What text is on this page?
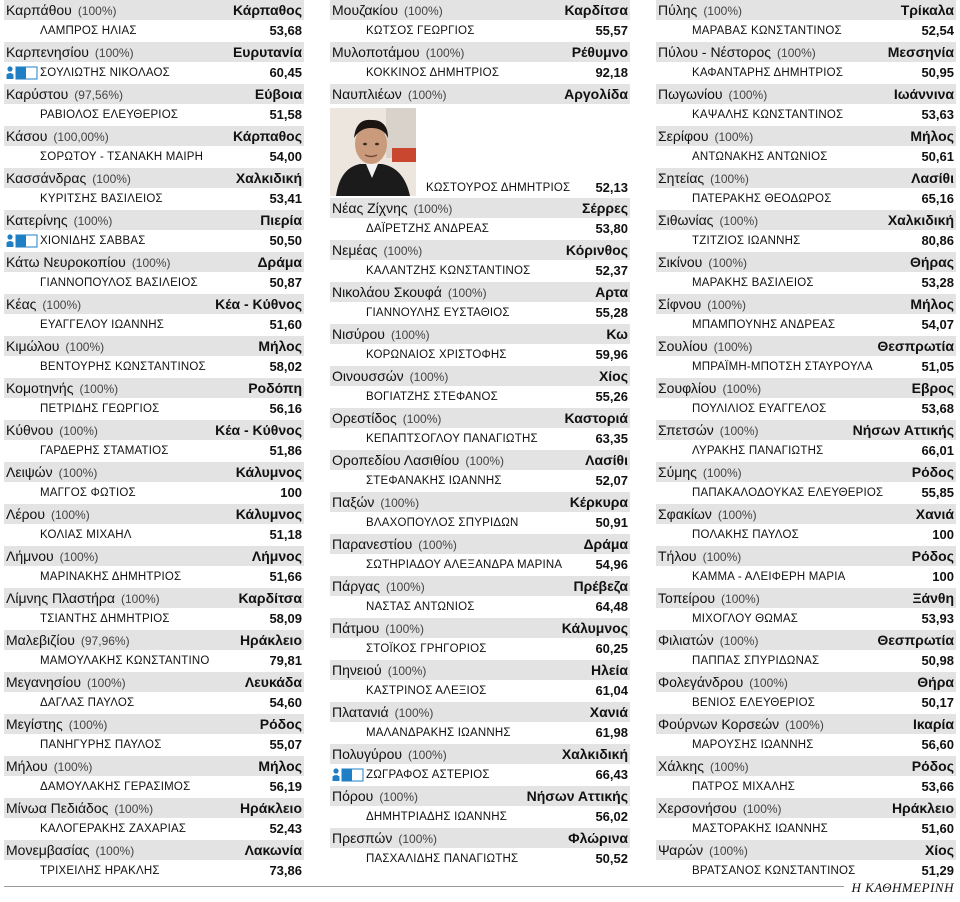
Καρπάθου (100%)	Κάρπαθος
ΛΑΜΠΡΟΣ ΗΛΙΑΣ	53,68
Καρπενησίου (100%)	Ευρυτανία
ΣΟΥΛΙΩΤΗΣ ΝΙΚΟΛΑΟΣ	60,45
Καρύστου (97,56%)	Εύβοια
ΡΑΒΙΟΛΟΣ ΕΛΕΥΘΕΡΙΟΣ	51,58
Κάσου (100,00%)	Κάρπαθος
ΣΟΡΩΤΟΥ - ΤΣΑΝΑΚΗ ΜΑΙΡΗ	54,00
Κασσάνδρας (100%)	Χαλκιδική
ΚΥΡΙΤΣΗΣ ΒΑΣΙΛΕΙΟΣ	53,41
Κατερίνης (100%)	Πιερία
ΧΙΟΝΙΔΗΣ ΣΑΒΒΑΣ	50,50
Κάτω Νευροκοπίου (100%)	Δράμα
ΓΙΑΝΝΟΠΟΥΛΟΣ ΒΑΣΙΛΕΙΟΣ	50,87
Κέας (100%)	Κέα - Κύθνος
ΕΥΑΓΓΕΛΟΥ ΙΩΑΝΝΗΣ	51,60
Κιμώλου (100%)	Μήλος
ΒΕΝΤΟΥΡΗΣ ΚΩΝΣΤΑΝΤΙΝΟΣ	58,02
Κομοτηνής (100%)	Ροδόπη
ΠΕΤΡΙΔΗΣ ΓΕΩΡΓΙΟΣ	56,16
Κύθνου (100%)	Κέα - Κύθνος
ΓΑΡΔΕΡΗΣ ΣΤΑΜΑΤΙΟΣ	51,86
Λειψών (100%)	Κάλυμνος
ΜΑΓΓΟΣ ΦΩΤΙΟΣ	100
Λέρου (100%)	Κάλυμνος
ΚΟΛΙΑΣ ΜΙΧΑΗΛ	51,18
Λήμνου (100%)	Λήμνος
ΜΑΡΙΝΑΚΗΣ ΔΗΜΗΤΡΙΟΣ	51,66
Λίμνης Πλαστήρα (100%)	Καρδίτσα
ΤΣΙΑΝΤΗΣ ΔΗΜΗΤΡΙΟΣ	58,09
Μαλεβιζίου (97,96%)	Ηράκλειο
ΜΑΜΟΥΛΑΚΗΣ ΚΩΝΣΤΑΝΤΙΝΟ	79,81
Μεγανησίου (100%)	Λευκάδα
ΔΑΓΛΑΣ ΠΑΥΛΟΣ	54,60
Μεγίστης (100%)	Ρόδος
ΠΑΝΗΓΥΡΗΣ ΠΑΥΛΟΣ	55,07
Μήλου (100%)	Μήλος
ΔΑΜΟΥΛΑΚΗΣ ΓΕΡΑΣΙΜΟΣ	56,19
Μίνωα Πεδιάδος (100%)	Ηράκλειο
ΚΑΛΟΓΕΡΑΚΗΣ ΖΑΧΑΡΙΑΣ	52,43
Μονεμβασίας (100%)	Λακωνία
ΤΡΙΧΕΙΛΗΣ ΗΡΑΚΛΗΣ	73,86
Μουζακίου (100%)	Καρδίτσα
ΚΩΤΣΟΣ ΓΕΩΡΓΙΟΣ	55,57
Μυλοποτάμου (100%)	Ρέθυμνο
ΚΟΚΚΙΝΟΣ ΔΗΜΗΤΡΙΟΣ	92,18
Ναυπλιέων (100%)	Αργολίδα
ΚΩΣΤΟΥΡΟΣ ΔΗΜΗΤΡΙΟΣ 52,13
Νέας Ζίχνης (100%)	Σέρρες
ΔΑΪΡΕΤΖΗΣ ΑΝΔΡΕΑΣ	53,80
Νεμέας (100%)	Κόρινθος
ΚΑΛΑΝΤΖΗΣ ΚΩΝΣΤΑΝΤΙΝΟΣ	52,37
Νικολάου Σκουφά (100%)	Αρτα
ΓΙΑΝΝΟΥΛΗΣ ΕΥΣΤΑΘΙΟΣ	55,28
Νισύρου (100%)	Κω
ΚΟΡΩΝΑΙΟΣ ΧΡΙΣΤΟΦΗΣ	59,96
Οινουσσών (100%)	Χίος
ΒΟΓΙΑΤΖΗΣ ΣΤΕΦΑΝΟΣ	55,26
Ορεστίδος (100%)	Καστοριά
ΚΕΠΑΠΤΣΟΓΛΟΥ ΠΑΝΑΓΙΩΤΗΣ	63,35
Οροπεδίου Λασιθίου (100%)	Λασίθι
ΣΤΕΦΑΝΑΚΗΣ ΙΩΑΝΝΗΣ	52,07
Παξών (100%)	Κέρκυρα
ΒΛΑΧΟΠΟΥΛΟΣ ΣΠΥΡΙΔΩΝ	50,91
Παρανεστίου (100%)	Δράμα
ΣΩΤΗΡΙΑΔΟΥ ΑΛΕΞΑΝΔΡΑ ΜΑΡΙΝΑ	54,96
Πάργας (100%)	Πρέβεζα
ΝΑΣΤΑΣ ΑΝΤΩΝΙΟΣ	64,48
Πάτμου (100%)	Κάλυμνος
ΣΤΟΪΚΟΣ ΓΡΗΓΟΡΙΟΣ	60,25
Πηνειού (100%)	Ηλεία
ΚΑΣΤΡΙΝΟΣ ΑΛΕΞΙΟΣ	61,04
Πλατανιά (100%)	Χανιά
ΜΑΛΑΝΔΡΑΚΗΣ ΙΩΑΝΝΗΣ	61,98
Πολυγύρου (100%)	Χαλκιδική
ΖΩΓΡΑΦΟΣ ΑΣΤΕΡΙΟΣ	66,43
Πόρου (100%)	Νήσων Αττικής
ΔΗΜΗΤΡΙΑΔΗΣ ΙΩΑΝΝΗΣ	56,02
Πρεσπών (100%)	Φλώρινα
ΠΑΣΧΑΛΙΔΗΣ ΠΑΝΑΓΙΩΤΗΣ	50,52
Πύλης (100%)	Τρίκαλα
ΜΑΡΑΒΑΣ ΚΩΝΣΤΑΝΤΙΝΟΣ	52,54
Πύλου - Νέστορος (100%)	Μεσσηνία
ΚΑΦΑΝΤΑΡΗΣ ΔΗΜΗΤΡΙΟΣ	50,95
Πωγωνίου (100%)	Ιωάννινα
ΚΑΨΑΛΗΣ ΚΩΝΣΤΑΝΤΙΝΟΣ	53,63
Σερίφου (100%)	Μήλος
ΑΝΤΩΝΑΚΗΣ ΑΝΤΩΝΙΟΣ	50,61
Σητείας (100%)	Λασίθι
ΠΑΤΕΡΑΚΗΣ ΘΕΟΔΩΡΟΣ	65,16
Σιθωνίας (100%)	Χαλκιδική
ΤΖΙΤΖΙΟΣ ΙΩΑΝΝΗΣ	80,86
Σικίνου (100%)	Θήρας
ΜΑΡΑΚΗΣ ΒΑΣΙΛΕΙΟΣ	53,28
Σίφνου (100%)	Μήλος
ΜΠΑΜΠΟΥΝΗΣ ΑΝΔΡΕΑΣ	54,07
Σουλίου (100%)	Θεσπρωτία
ΜΠΡΑΪΜΗ-ΜΠΟΤΣΗ ΣΤΑΥΡΟΥΛΑ	51,05
Σουφλίου (100%)	Εβρος
ΠΟΥΛΙΛΙΟΣ ΕΥΑΓΓΕΛΟΣ	53,68
Σπετσών (100%)	Νήσων Αττικής
ΛΥΡΑΚΗΣ ΠΑΝΑΓΙΩΤΗΣ	66,01
Σύμης (100%)	Ρόδος
ΠΑΠΑΚΑΛΟΔΟΥΚΑΣ ΕΛΕΥΘΕΡΙΟΣ	55,85
Σφακίων (100%)	Χανιά
ΠΟΛΑΚΗΣ ΠΑΥΛΟΣ	100
Τήλου (100%)	Ρόδος
ΚΑΜΜΑ - ΑΛΕΙΦΕΡΗ ΜΑΡΙΑ	100
Τοπείρου (100%)	Ξάνθη
ΜΙΧΟΓΛΟΥ ΘΩΜΑΣ	53,93
Φιλιατών (100%)	Θεσπρωτία
ΠΑΠΠΑΣ ΣΠΥΡΙΔΩΝΑΣ	50,98
Φολεγάνδρου (100%)	Θήρα
ΒΕΝΙΟΣ ΕΛΕΥΘΕΡΙΟΣ	50,17
Φούρνων Κορσεών (100%)	Ικαρία
ΜΑΡΟΥΣΗΣ ΙΩΑΝΝΗΣ	56,60
Χάλκης (100%)	Ρόδος
ΠΑΤΡΟΣ ΜΙΧΑΛΗΣ	53,66
Χερσονήσου (100%)	Ηράκλειο
ΜΑΣΤΟΡΑΚΗΣ ΙΩΑΝΝΗΣ	51,60
Ψαρών (100%)	Χίος
ΒΡΑΤΣΑΝΟΣ ΚΩΝΣΤΑΝΤΙΝΟΣ	51,29
Η ΚΑΘΗΜΕΡΙΝΗ
